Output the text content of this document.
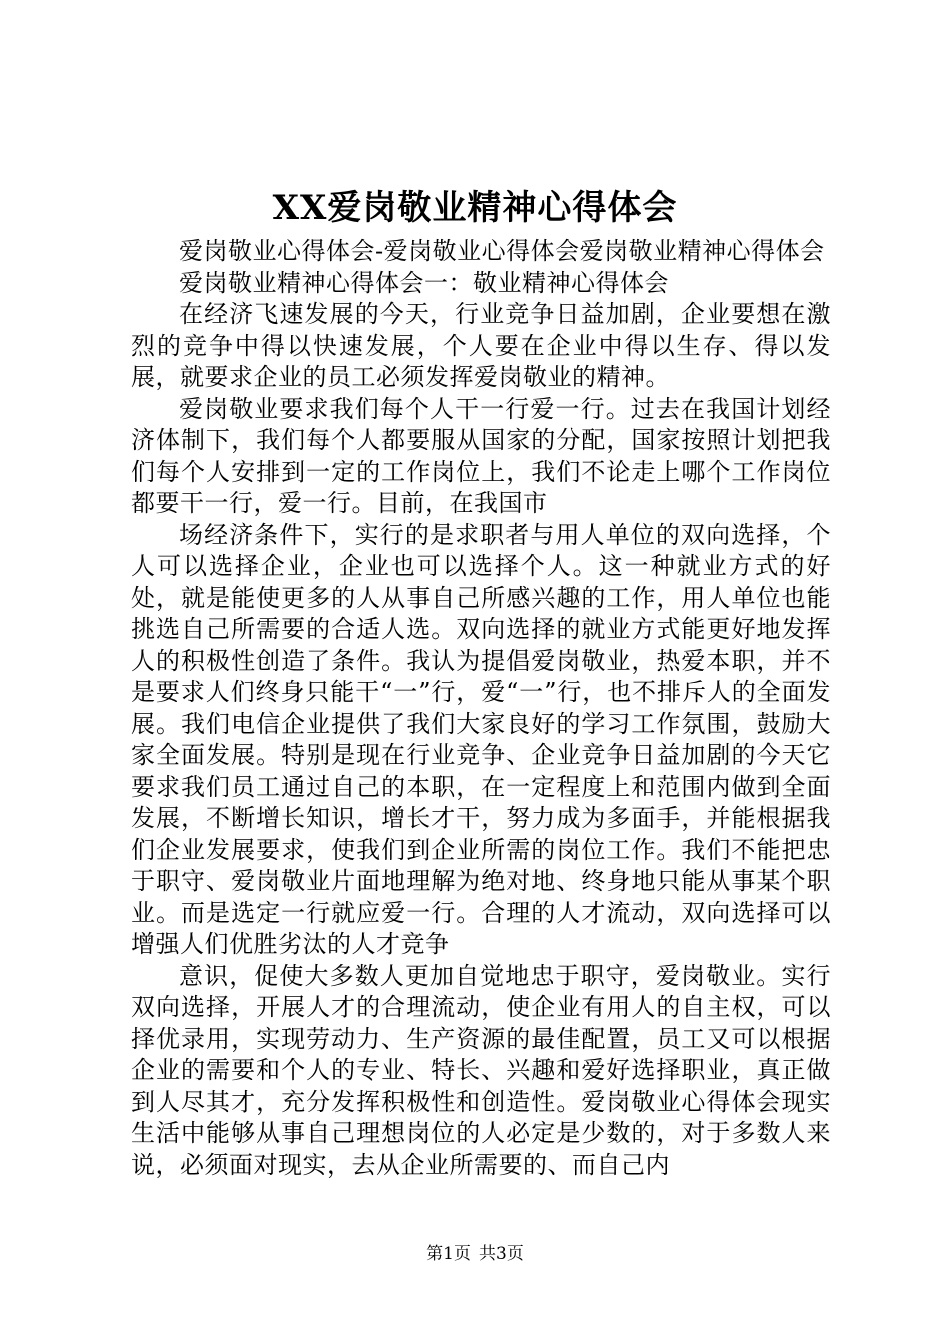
XX爱岗敬业精神心得体会

爱岗敬业心得体会-爱岗敬业心得体会爱岗敬业精神心得体会

爱岗敬业精神心得体会一：敬业精神心得体会

在经济飞速发展的今天，行业竞争日益加剧，企业要想在激烈的竞争中得以快速发展，个人要在企业中得以生存、得以发展，就要求企业的员工必须发挥爱岗敬业的精神。

爱岗敬业要求我们每个人干一行爱一行。过去在我国计划经济体制下，我们每个人都要服从国家的分配，国家按照计划把我们每个人安排到一定的工作岗位上，我们不论走上哪个工作岗位都要干一行，爱一行。目前，在我国市

场经济条件下，实行的是求职者与用人单位的双向选择，个人可以选择企业，企业也可以选择个人。这一种就业方式的好处，就是能使更多的人从事自己所感兴趣的工作，用人单位也能挑选自己所需要的合适人选。双向选择的就业方式能更好地发挥人的积极性创造了条件。我认为提倡爱岗敬业，热爱本职，并不是要求人们终身只能干“一”行，爱“一”行，也不排斥人的全面发展。我们电信企业提供了我们大家良好的学习工作氛围，鼓励大家全面发展。特别是现在行业竞争、企业竞争日益加剧的今天它要求我们员工通过自己的本职，在一定程度上和范围内做到全面发展，不断增长知识，增长才干，努力成为多面手，并能根据我们企业发展要求，使我们到企业所需的岗位工作。我们不能把忠于职守、爱岗敬业片面地理解为绝对地、终身地只能从事某个职业。而是选定一行就应爱一行。合理的人才流动，双向选择可以增强人们优胜劣汰的人才竞争

意识，促使大多数人更加自觉地忠于职守，爱岗敬业。实行双向选择，开展人才的合理流动，使企业有用人的自主权，可以择优录用，实现劳动力、生产资源的最佳配置，员工又可以根据企业的需要和个人的专业、特长、兴趣和爱好选择职业，真正做到人尽其才，充分发挥积极性和创造性。爱岗敬业心得体会现实生活中能够从事自己理想岗位的人必定是少数的，对于多数人来说，必须面对现实，去从企业所需要的、而自己内

第1页 共3页
